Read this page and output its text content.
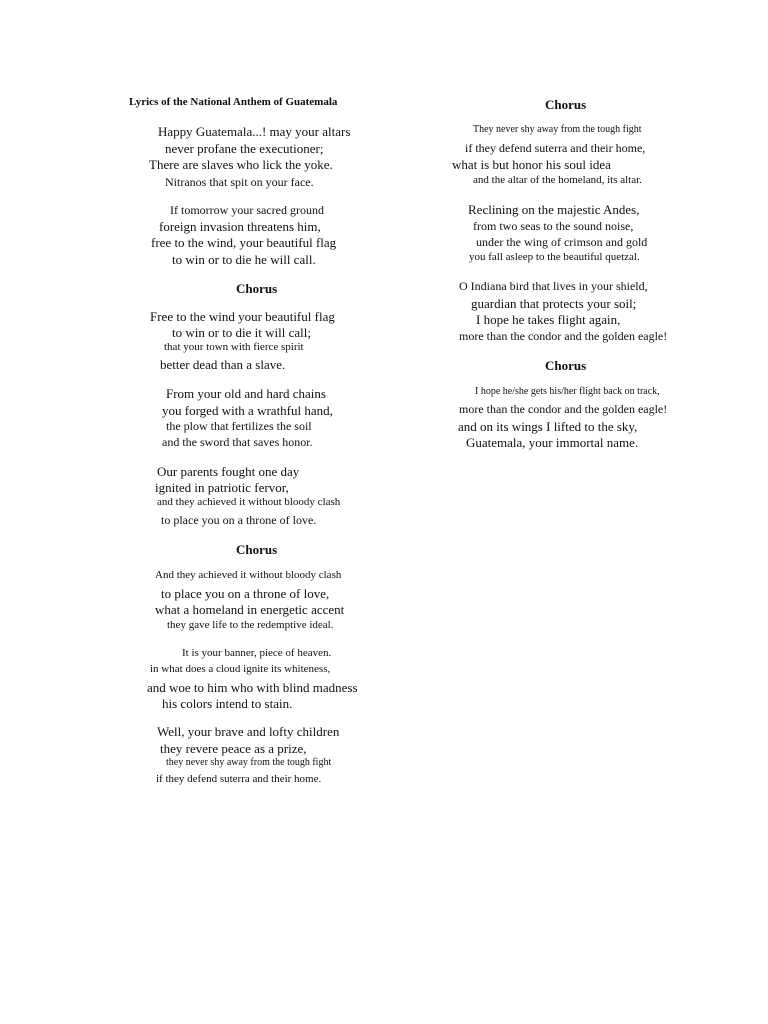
Lyrics of the National Anthem of Guatemala
Happy Guatemala...! may your altars
never profane the executioner;
There are slaves who lick the yoke.
Nitranos that spit on your face.
If tomorrow your sacred ground
foreign invasion threatens him,
free to the wind, your beautiful flag
to win or to die he will call.
Chorus
Free to the wind your beautiful flag
to win or to die it will call;
that your town with fierce spirit
better dead than a slave.
From your old and hard chains
you forged with a wrathful hand,
the plow that fertilizes the soil
and the sword that saves honor.
Our parents fought one day
ignited in patriotic fervor,
and they achieved it without bloody clash
to place you on a throne of love.
Chorus
And they achieved it without bloody clash
to place you on a throne of love,
what a homeland in energetic accent
they gave life to the redemptive ideal.
It is your banner, piece of heaven.
in what does a cloud ignite its whiteness,
and woe to him who with blind madness
his colors intend to stain.
Well, your brave and lofty children
they revere peace as a prize,
they never shy away from the tough fight
if they defend suterra and their home.
Chorus
They never shy away from the tough fight
if they defend suterra and their home,
what is but honor his soul idea
and the altar of the homeland, its altar.
Reclining on the majestic Andes,
from two seas to the sound noise,
under the wing of crimson and gold
you fall asleep to the beautiful quetzal.
O Indiana bird that lives in your shield,
guardian that protects your soil;
I hope he takes flight again,
more than the condor and the golden eagle!
Chorus
I hope he/she gets his/her flight back on track,
more than the condor and the golden eagle!
and on its wings I lifted to the sky,
Guatemala, your immortal name.
